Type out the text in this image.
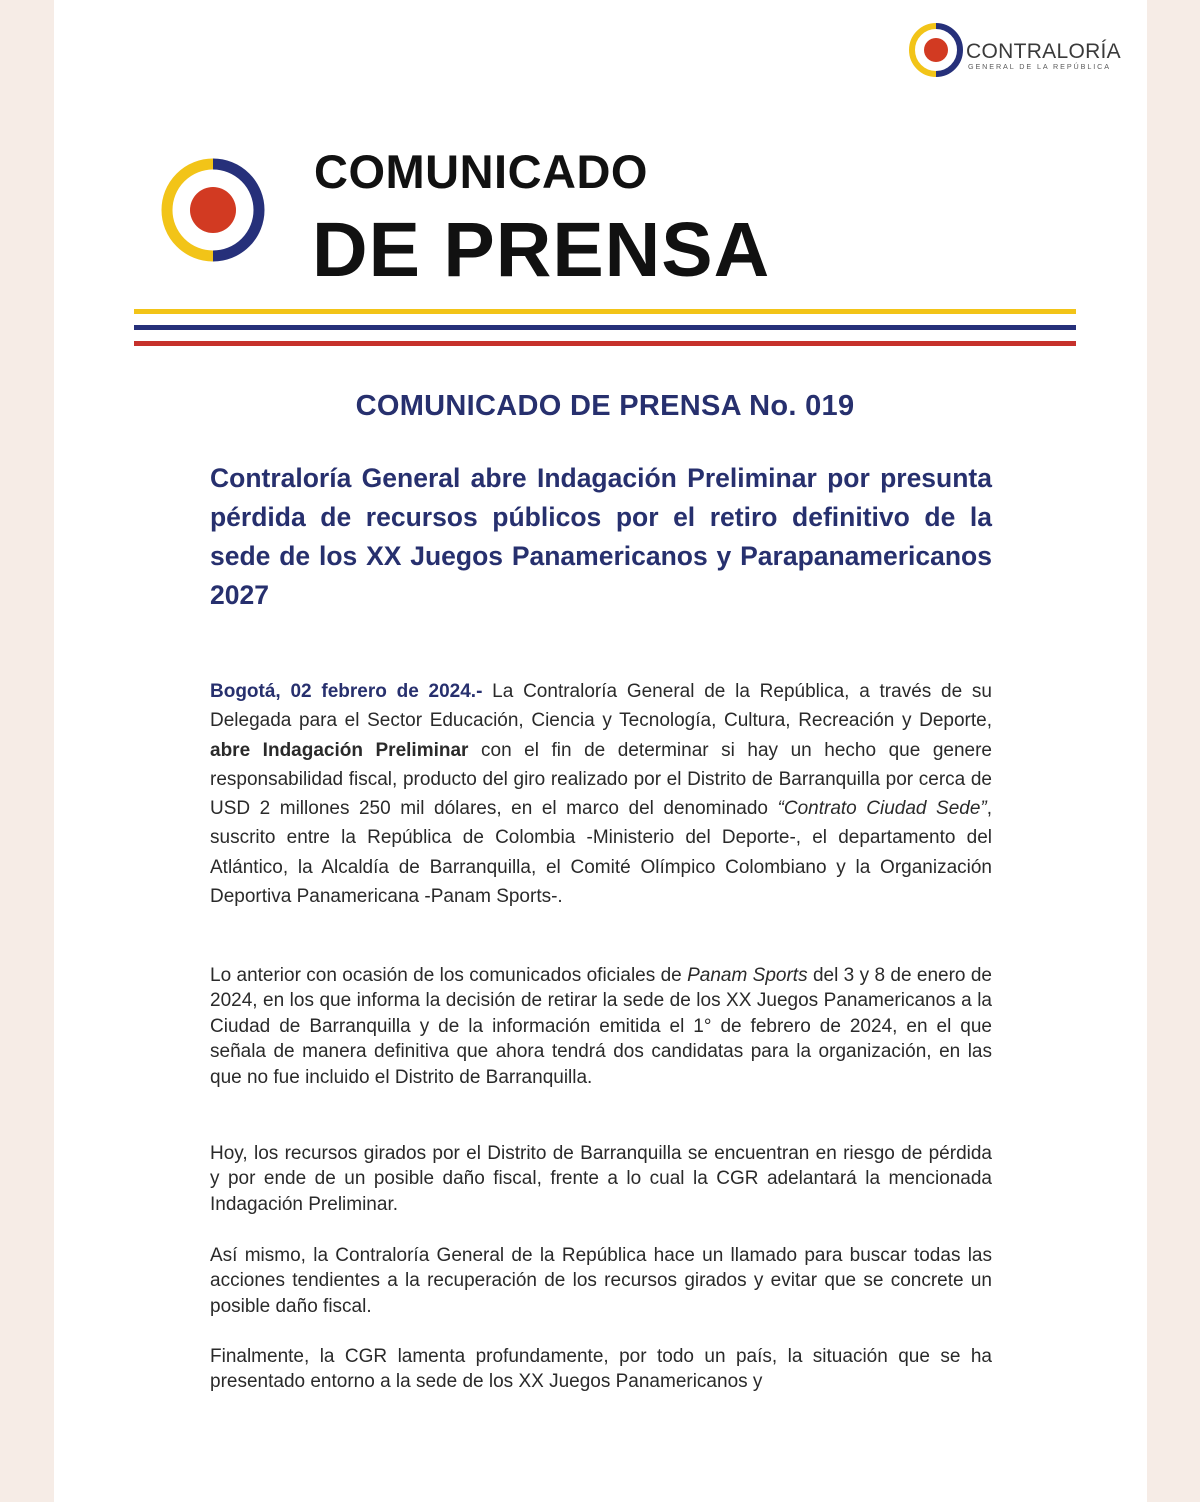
CONTRALORÍA
GENERAL DE LA REPÚBLICA
COMUNICADO
DE PRENSA
COMUNICADO DE PRENSA No. 019
Contraloría General abre Indagación Preliminar por presunta pérdida de recursos públicos por el retiro definitivo de la sede de los XX Juegos Panamericanos y Parapanamericanos 2027

Bogotá, 02 febrero de 2024.- La Contraloría General de la República, a través de su Delegada para el Sector Educación, Ciencia y Tecnología, Cultura, Recreación y Deporte, abre Indagación Preliminar con el fin de determinar si hay un hecho que genere responsabilidad fiscal, producto del giro realizado por el Distrito de Barranquilla por cerca de USD 2 millones 250 mil dólares, en el marco del denominado “Contrato Ciudad Sede”, suscrito entre la República de Colombia -Ministerio del Deporte-, el departamento del Atlántico, la Alcaldía de Barranquilla, el Comité Olímpico Colombiano y la Organización Deportiva Panamericana -Panam Sports-.

Lo anterior con ocasión de los comunicados oficiales de Panam Sports del 3 y 8 de enero de 2024, en los que informa la decisión de retirar la sede de los XX Juegos Panamericanos a la Ciudad de Barranquilla y de la información emitida el 1° de febrero de 2024, en el que señala de manera definitiva que ahora tendrá dos candidatas para la organización, en las que no fue incluido el Distrito de Barranquilla.

Hoy, los recursos girados por el Distrito de Barranquilla se encuentran en riesgo de pérdida y por ende de un posible daño fiscal, frente a lo cual la CGR adelantará la mencionada Indagación Preliminar.

Así mismo, la Contraloría General de la República hace un llamado para buscar todas las acciones tendientes a la recuperación de los recursos girados y evitar que se concrete un posible daño fiscal.

Finalmente, la CGR lamenta profundamente, por todo un país, la situación que se ha presentado entorno a la sede de los XX Juegos Panamericanos y
